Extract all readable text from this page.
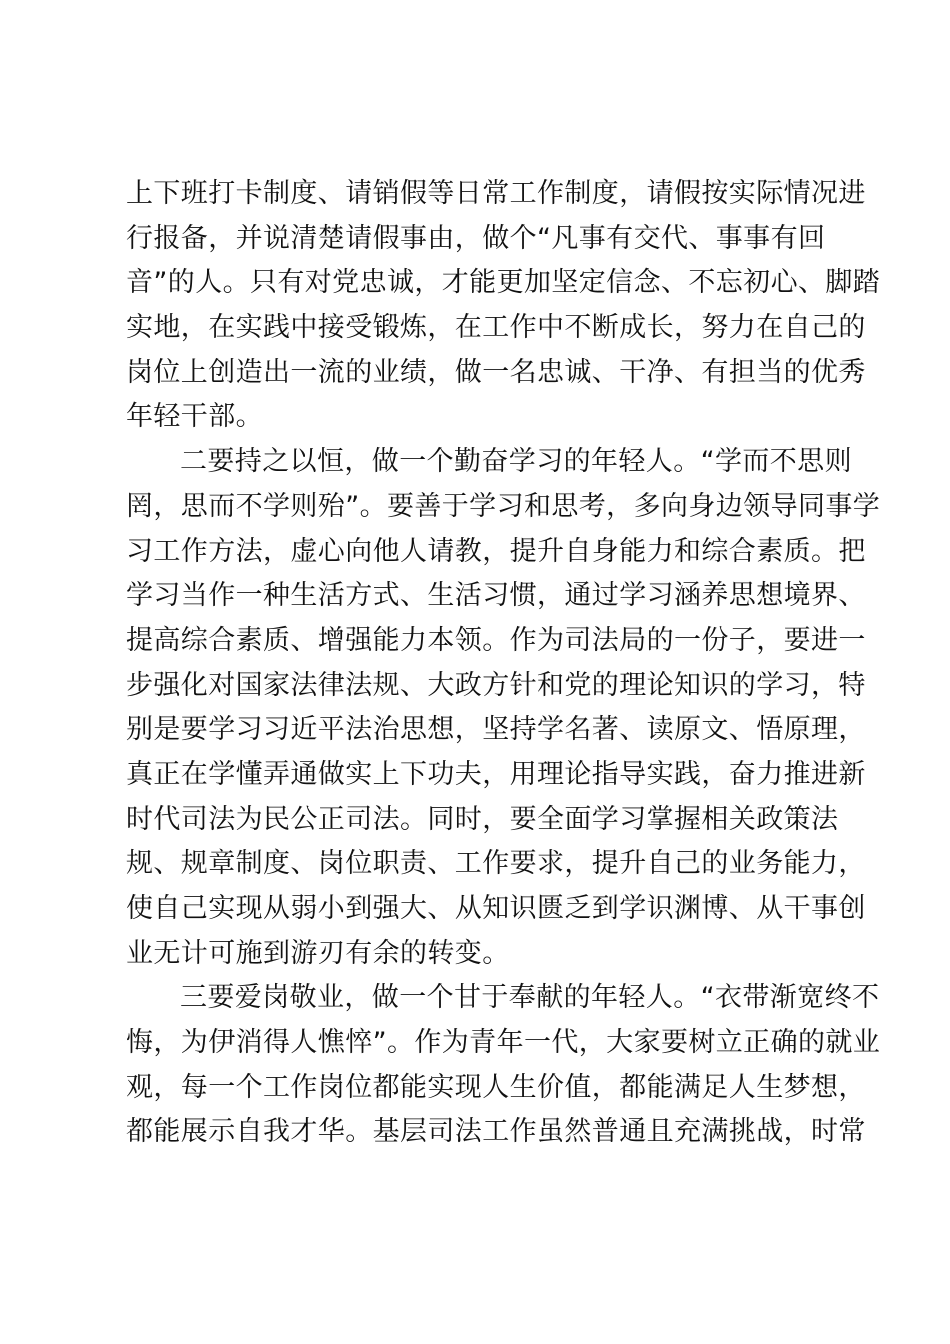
上下班打卡制度、请销假等日常工作制度，请假按实际情况进
行报备，并说清楚请假事由，做个“凡事有交代、事事有回
音”的人。只有对党忠诚，才能更加坚定信念、不忘初心、脚踏
实地，在实践中接受锻炼，在工作中不断成长，努力在自己的
岗位上创造出一流的业绩，做一名忠诚、干净、有担当的优秀
年轻干部。
二要持之以恒，做一个勤奋学习的年轻人。“学而不思则
罔，思而不学则殆”。要善于学习和思考，多向身边领导同事学
习工作方法，虚心向他人请教，提升自身能力和综合素质。把
学习当作一种生活方式、生活习惯，通过学习涵养思想境界、
提高综合素质、增强能力本领。作为司法局的一份子，要进一
步强化对国家法律法规、大政方针和党的理论知识的学习，特
别是要学习习近平法治思想，坚持学名著、读原文、悟原理，
真正在学懂弄通做实上下功夫，用理论指导实践，奋力推进新
时代司法为民公正司法。同时，要全面学习掌握相关政策法
规、规章制度、岗位职责、工作要求，提升自己的业务能力，
使自己实现从弱小到强大、从知识匮乏到学识渊博、从干事创
业无计可施到游刃有余的转变。
三要爱岗敬业，做一个甘于奉献的年轻人。“衣带渐宽终不
悔，为伊消得人憔悴”。作为青年一代，大家要树立正确的就业
观，每一个工作岗位都能实现人生价值，都能满足人生梦想，
都能展示自我才华。基层司法工作虽然普通且充满挑战，时常
